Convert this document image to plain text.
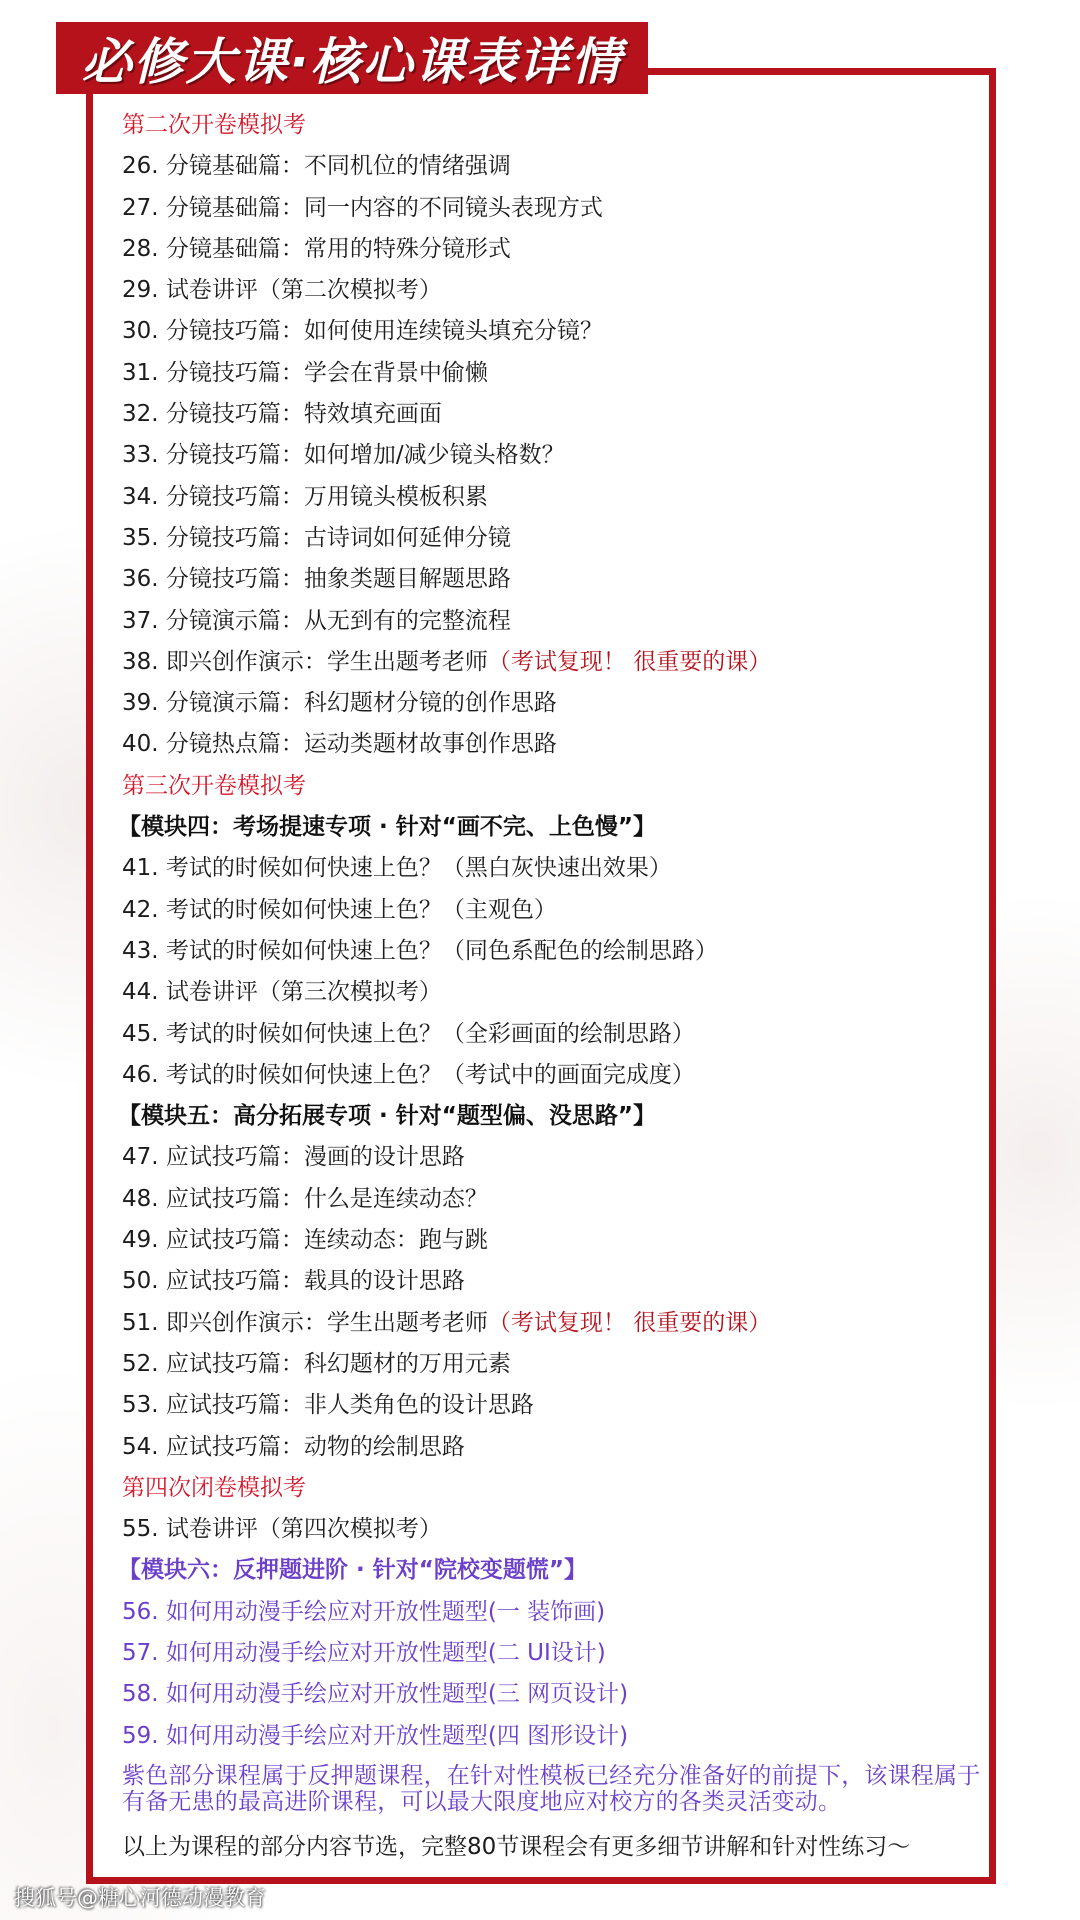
必修大课·核心课表详情
第二次开卷模拟考
26. 分镜基础篇：不同机位的情绪强调
27. 分镜基础篇：同一内容的不同镜头表现方式
28. 分镜基础篇：常用的特殊分镜形式
29. 试卷讲评（第二次模拟考）
30. 分镜技巧篇：如何使用连续镜头填充分镜？
31. 分镜技巧篇：学会在背景中偷懒
32. 分镜技巧篇：特效填充画面
33. 分镜技巧篇：如何增加/减少镜头格数？
34. 分镜技巧篇：万用镜头模板积累
35. 分镜技巧篇：古诗词如何延伸分镜
36. 分镜技巧篇：抽象类题目解题思路
37. 分镜演示篇：从无到有的完整流程
38. 即兴创作演示：学生出题考老师（考试复现！ 很重要的课）
39. 分镜演示篇：科幻题材分镜的创作思路
40. 分镜热点篇：运动类题材故事创作思路
第三次开卷模拟考
【模块四：考场提速专项 · 针对“画不完、上色慢”】
41. 考试的时候如何快速上色？（黑白灰快速出效果）
42. 考试的时候如何快速上色？（主观色）
43. 考试的时候如何快速上色？（同色系配色的绘制思路）
44. 试卷讲评（第三次模拟考）
45. 考试的时候如何快速上色？（全彩画面的绘制思路）
46. 考试的时候如何快速上色？（考试中的画面完成度）
【模块五：高分拓展专项 · 针对“题型偏、没思路”】
47. 应试技巧篇：漫画的设计思路
48. 应试技巧篇：什么是连续动态？
49. 应试技巧篇：连续动态：跑与跳
50. 应试技巧篇：载具的设计思路
51. 即兴创作演示：学生出题考老师（考试复现！ 很重要的课）
52. 应试技巧篇：科幻题材的万用元素
53. 应试技巧篇：非人类角色的设计思路
54. 应试技巧篇：动物的绘制思路
第四次闭卷模拟考
55. 试卷讲评（第四次模拟考）
【模块六：反押题进阶 · 针对“院校变题慌”】
56. 如何用动漫手绘应对开放性题型(一 装饰画)
57. 如何用动漫手绘应对开放性题型(二 UI设计)
58. 如何用动漫手绘应对开放性题型(三 网页设计)
59. 如何用动漫手绘应对开放性题型(四 图形设计)
紫色部分课程属于反押题课程，在针对性模板已经充分准备好的前提下，该课程属于有备无患的最高进阶课程，可以最大限度地应对校方的各类灵活变动。
以上为课程的部分内容节选，完整80节课程会有更多细节讲解和针对性练习～
搜狐号@糖心河德动漫教育
